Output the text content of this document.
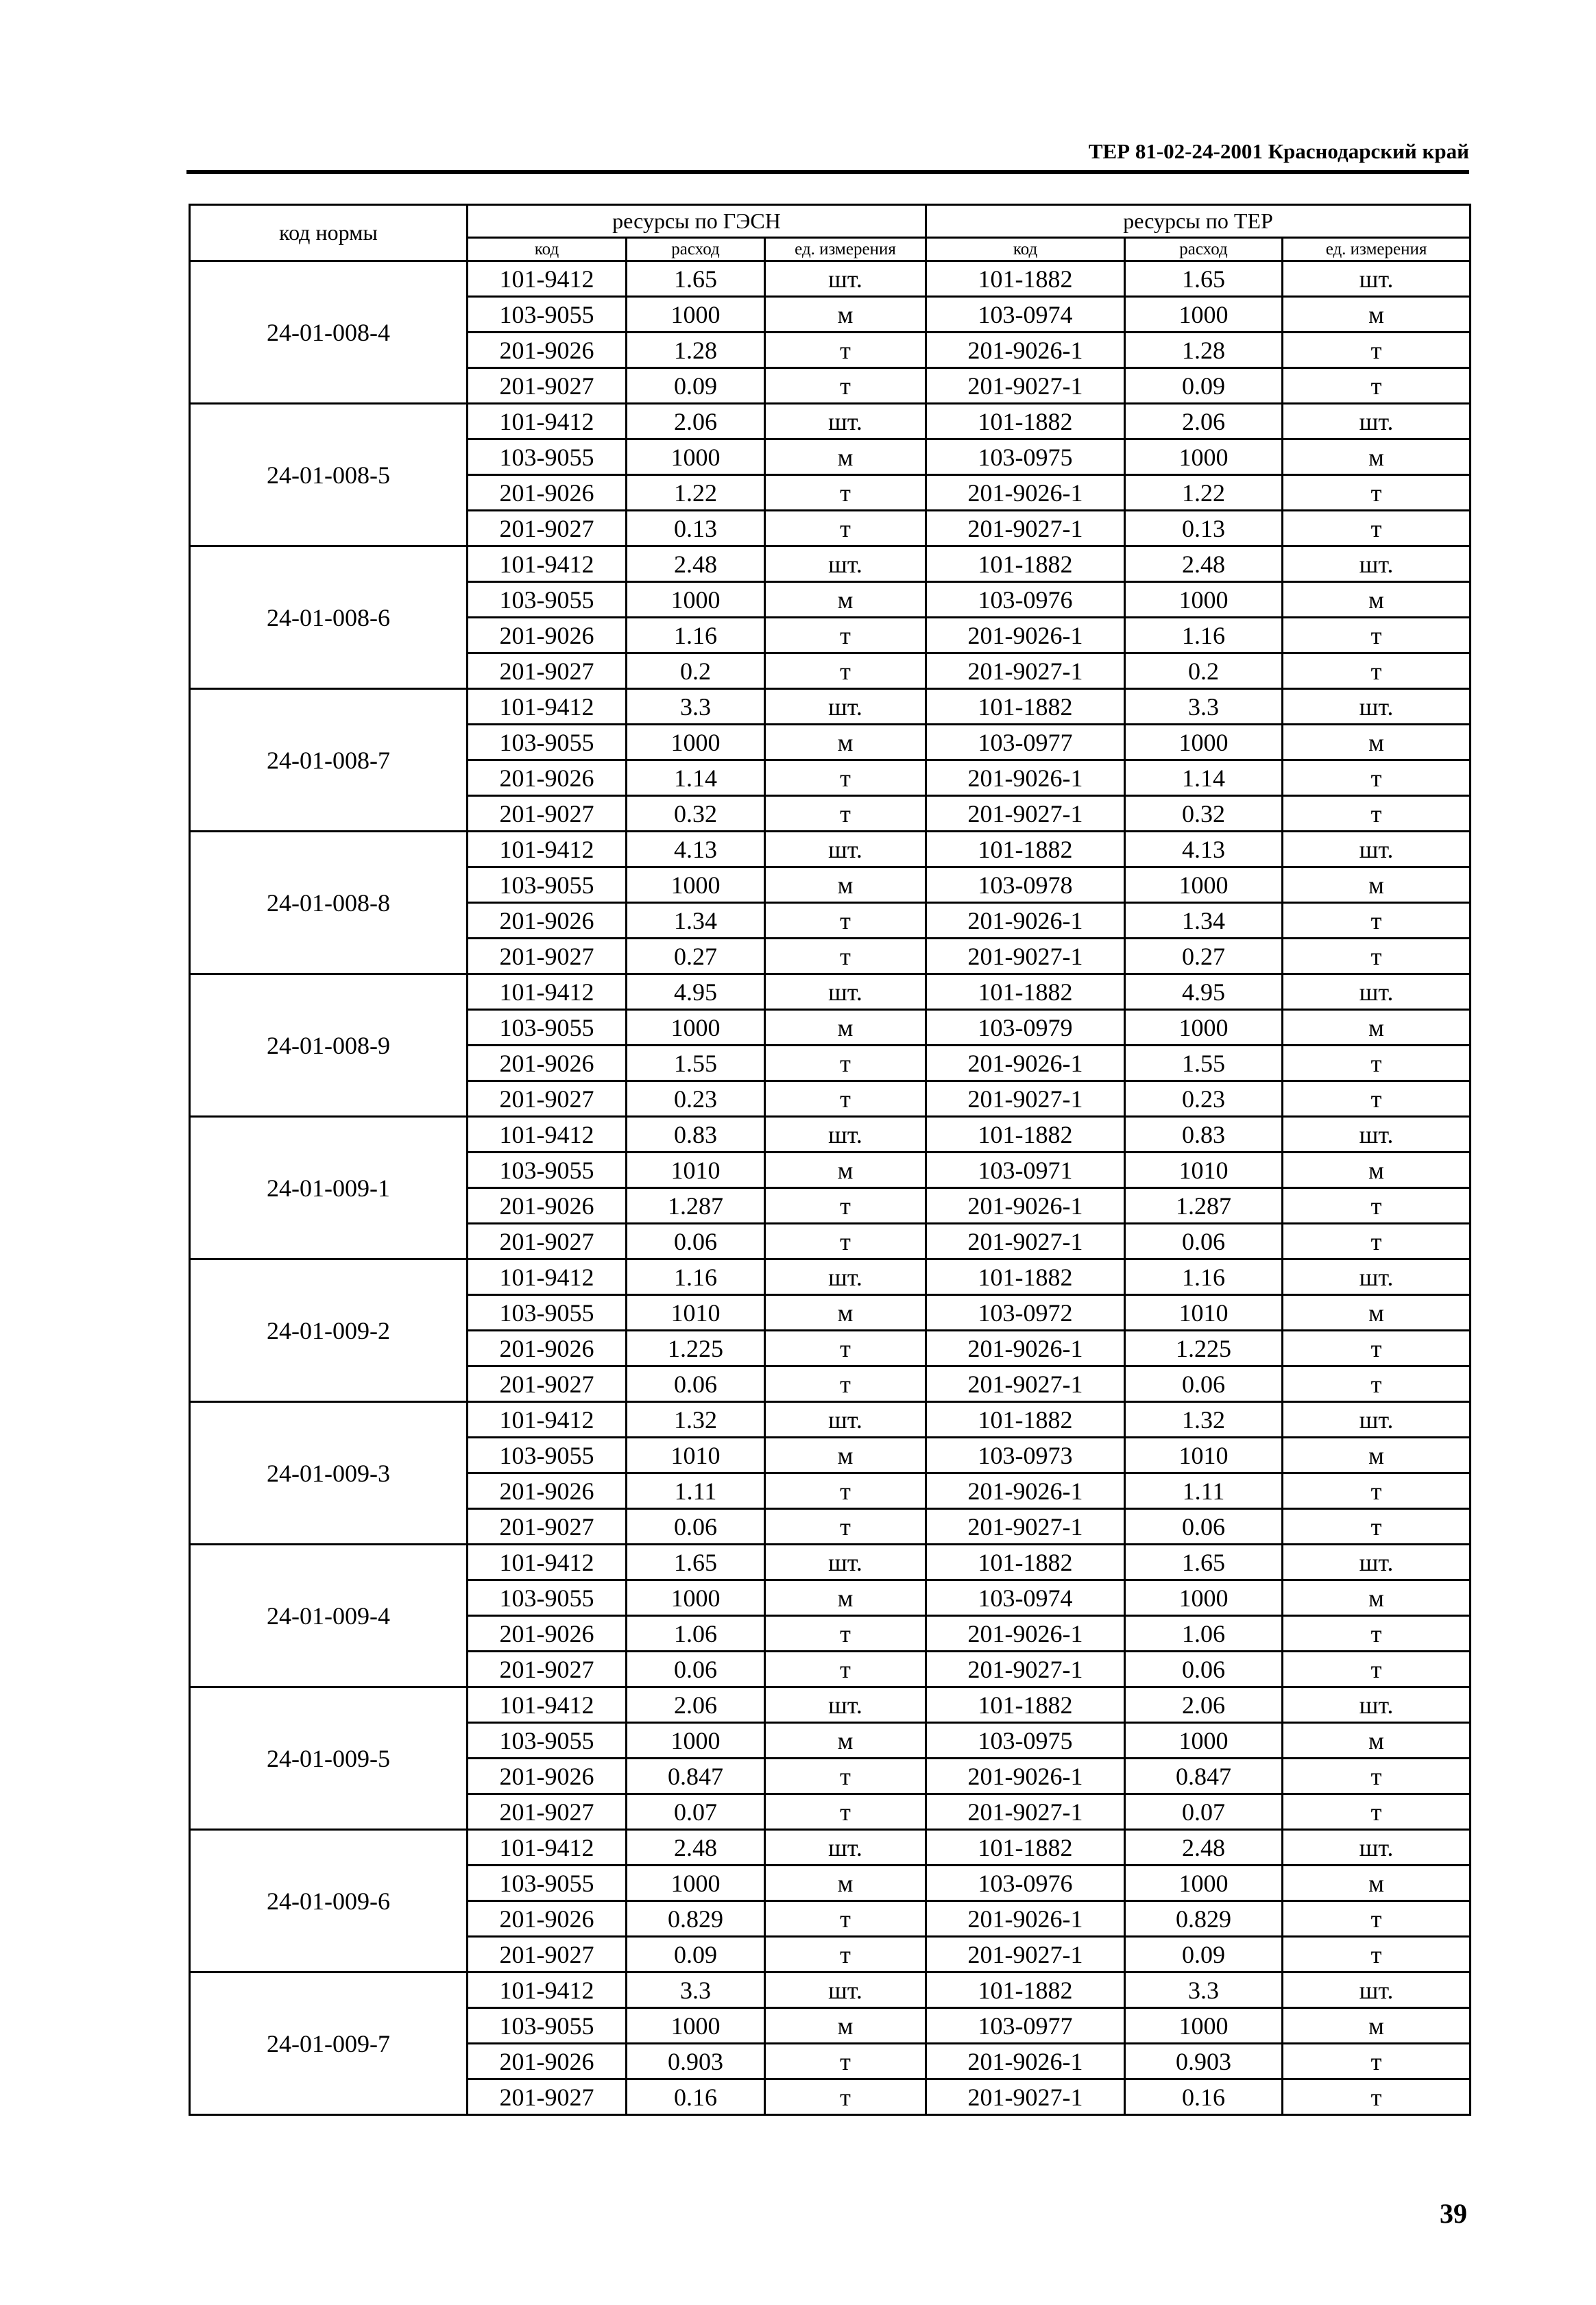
ТЕР 81-02-24-2001 Краснодарский край
код нормы	ресурсы по ГЭСН			ресурсы по ТЕР		
	код	расход	ед. измерения	код	расход	ед. измерения
24-01-008-4	101-9412	1.65	шт.	101-1882	1.65	шт.
	103-9055	1000	м	103-0974	1000	м
	201-9026	1.28	т	201-9026-1	1.28	т
	201-9027	0.09	т	201-9027-1	0.09	т
24-01-008-5	101-9412	2.06	шт.	101-1882	2.06	шт.
	103-9055	1000	м	103-0975	1000	м
	201-9026	1.22	т	201-9026-1	1.22	т
	201-9027	0.13	т	201-9027-1	0.13	т
24-01-008-6	101-9412	2.48	шт.	101-1882	2.48	шт.
	103-9055	1000	м	103-0976	1000	м
	201-9026	1.16	т	201-9026-1	1.16	т
	201-9027	0.2	т	201-9027-1	0.2	т
24-01-008-7	101-9412	3.3	шт.	101-1882	3.3	шт.
	103-9055	1000	м	103-0977	1000	м
	201-9026	1.14	т	201-9026-1	1.14	т
	201-9027	0.32	т	201-9027-1	0.32	т
24-01-008-8	101-9412	4.13	шт.	101-1882	4.13	шт.
	103-9055	1000	м	103-0978	1000	м
	201-9026	1.34	т	201-9026-1	1.34	т
	201-9027	0.27	т	201-9027-1	0.27	т
24-01-008-9	101-9412	4.95	шт.	101-1882	4.95	шт.
	103-9055	1000	м	103-0979	1000	м
	201-9026	1.55	т	201-9026-1	1.55	т
	201-9027	0.23	т	201-9027-1	0.23	т
24-01-009-1	101-9412	0.83	шт.	101-1882	0.83	шт.
	103-9055	1010	м	103-0971	1010	м
	201-9026	1.287	т	201-9026-1	1.287	т
	201-9027	0.06	т	201-9027-1	0.06	т
24-01-009-2	101-9412	1.16	шт.	101-1882	1.16	шт.
	103-9055	1010	м	103-0972	1010	м
	201-9026	1.225	т	201-9026-1	1.225	т
	201-9027	0.06	т	201-9027-1	0.06	т
24-01-009-3	101-9412	1.32	шт.	101-1882	1.32	шт.
	103-9055	1010	м	103-0973	1010	м
	201-9026	1.11	т	201-9026-1	1.11	т
	201-9027	0.06	т	201-9027-1	0.06	т
24-01-009-4	101-9412	1.65	шт.	101-1882	1.65	шт.
	103-9055	1000	м	103-0974	1000	м
	201-9026	1.06	т	201-9026-1	1.06	т
	201-9027	0.06	т	201-9027-1	0.06	т
24-01-009-5	101-9412	2.06	шт.	101-1882	2.06	шт.
	103-9055	1000	м	103-0975	1000	м
	201-9026	0.847	т	201-9026-1	0.847	т
	201-9027	0.07	т	201-9027-1	0.07	т
24-01-009-6	101-9412	2.48	шт.	101-1882	2.48	шт.
	103-9055	1000	м	103-0976	1000	м
	201-9026	0.829	т	201-9026-1	0.829	т
	201-9027	0.09	т	201-9027-1	0.09	т
24-01-009-7	101-9412	3.3	шт.	101-1882	3.3	шт.
	103-9055	1000	м	103-0977	1000	м
	201-9026	0.903	т	201-9026-1	0.903	т
	201-9027	0.16	т	201-9027-1	0.16	т
39
